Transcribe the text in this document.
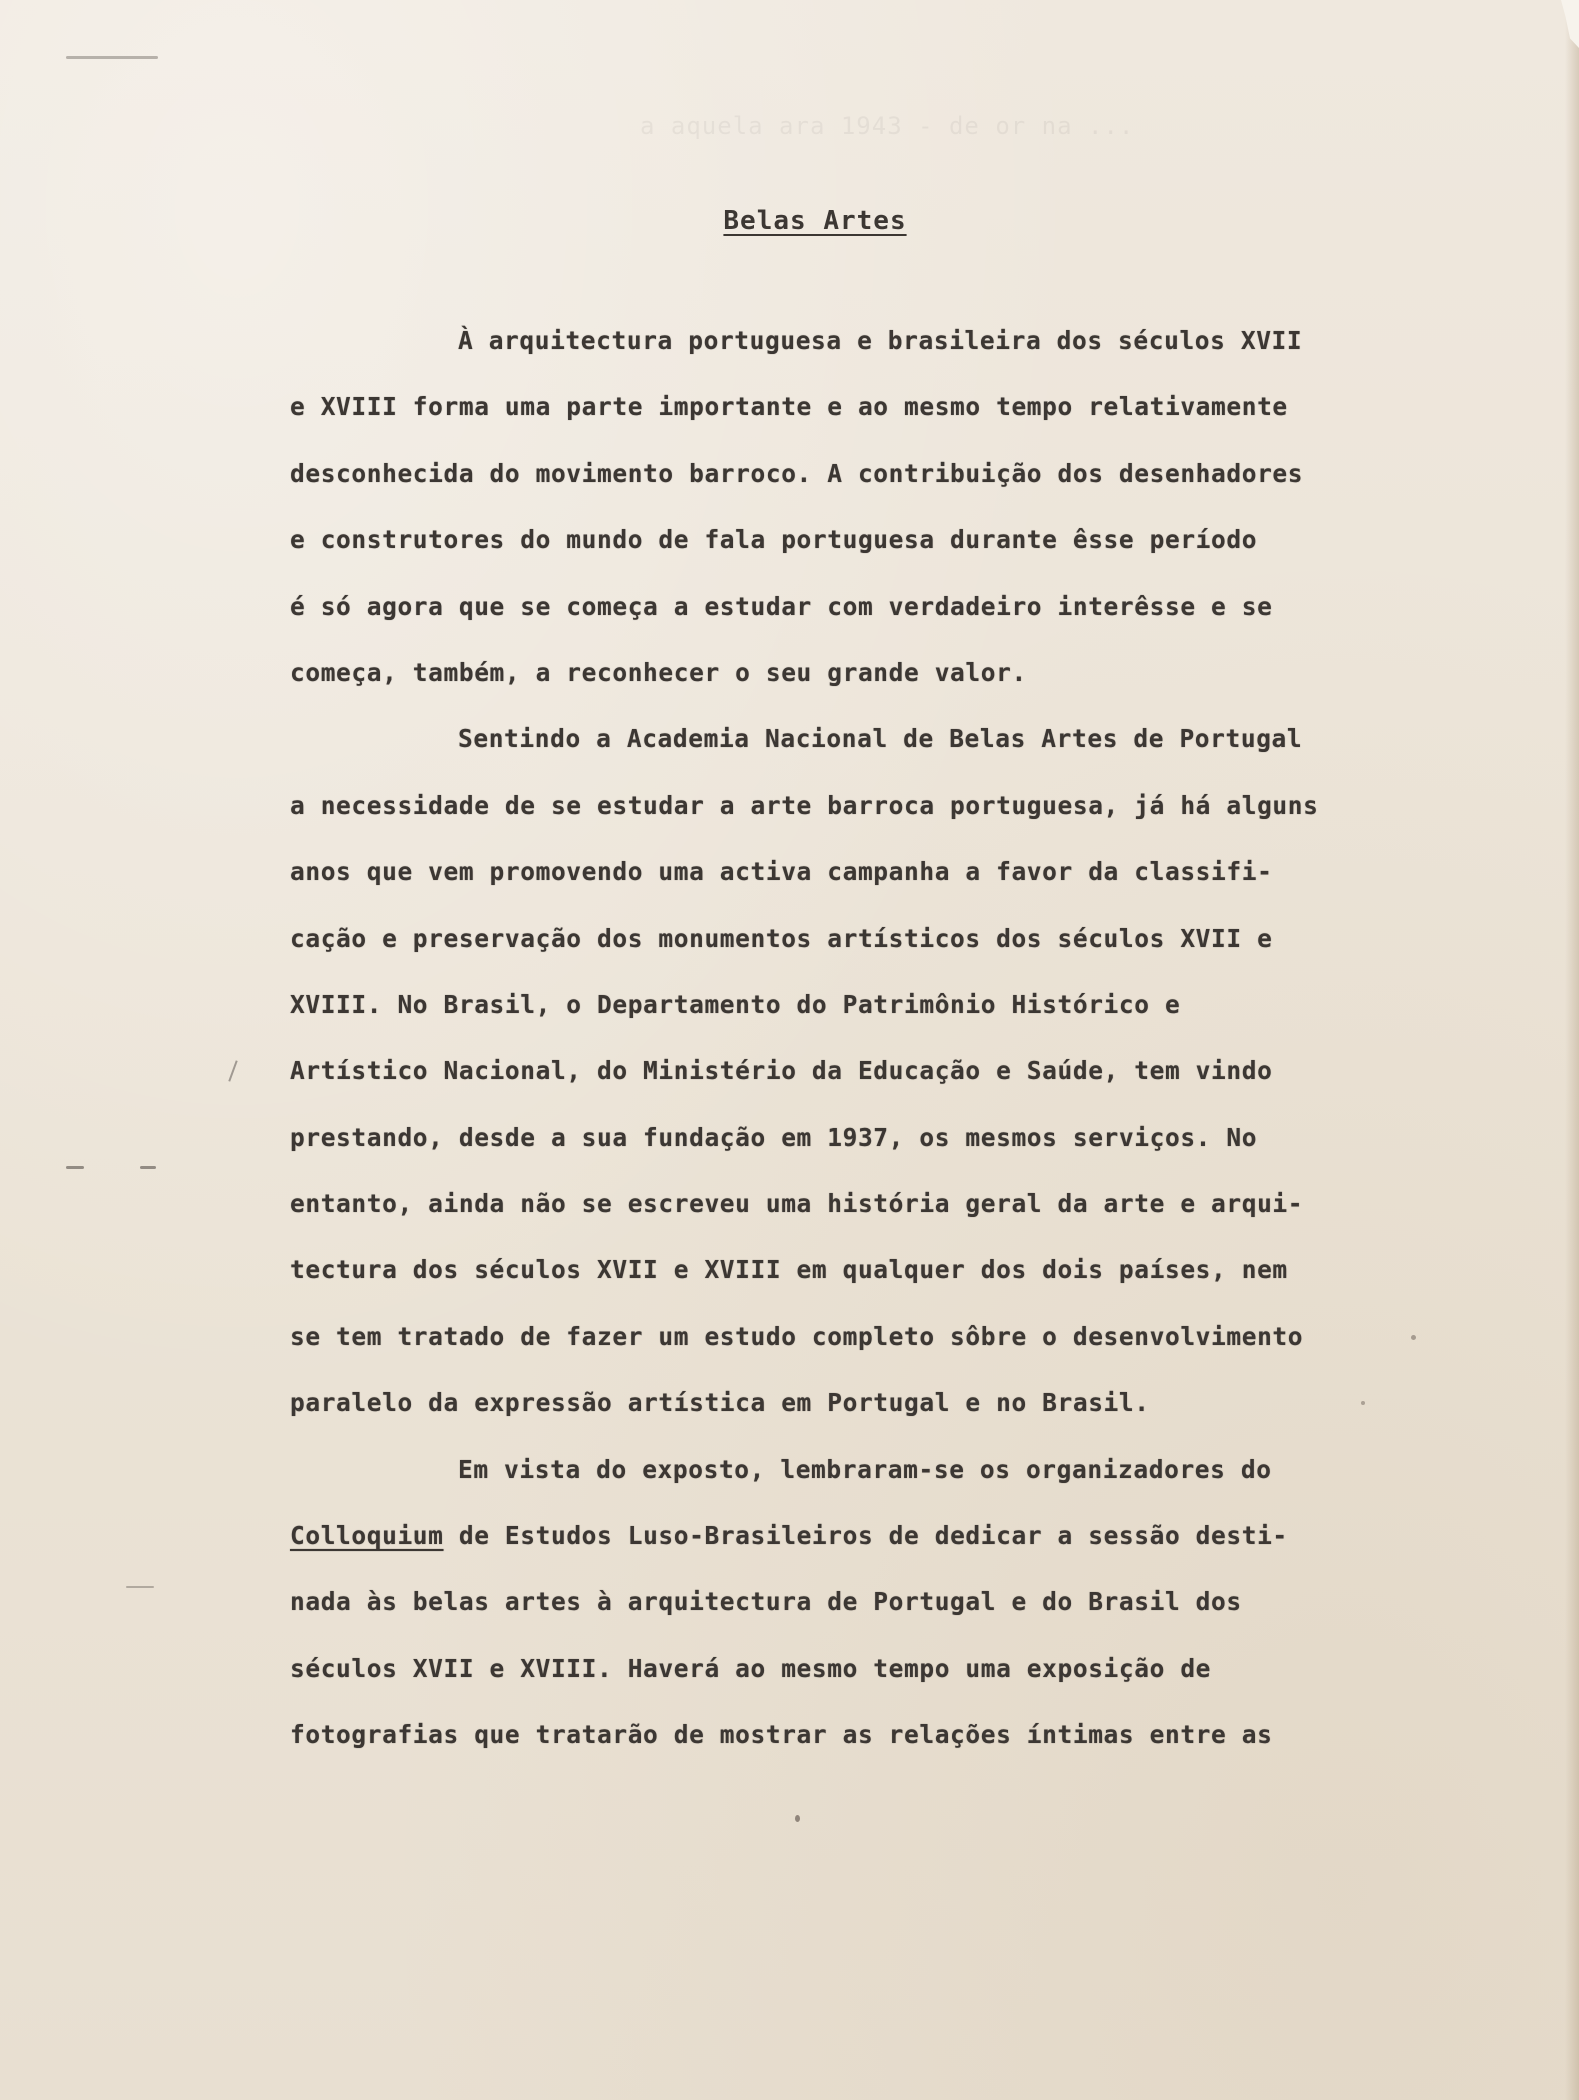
a aquela ara 1943 - de or na ...
Belas Artes
À arquitectura portuguesa e brasileira dos séculos XVII
e XVIII forma uma parte importante e ao mesmo tempo relativamente
desconhecida do movimento barroco. A contribuição dos desenhadores
e construtores do mundo de fala portuguesa durante êsse período
é só agora que se começa a estudar com verdadeiro interêsse e se
começa, também, a reconhecer o seu grande valor.
Sentindo a Academia Nacional de Belas Artes de Portugal
a necessidade de se estudar a arte barroca portuguesa, já há alguns
anos que vem promovendo uma activa campanha a favor da classifi-
cação e preservação dos monumentos artísticos dos séculos XVII e
XVIII. No Brasil, o Departamento do Patrimônio Histórico e
Artístico Nacional, do Ministério da Educação e Saúde, tem vindo
prestando, desde a sua fundação em 1937, os mesmos serviços. No
entanto, ainda não se escreveu uma história geral da arte e arqui-
tectura dos séculos XVII e XVIII em qualquer dos dois países, nem
se tem tratado de fazer um estudo completo sôbre o desenvolvimento
paralelo da expressão artística em Portugal e no Brasil.
Em vista do exposto, lembraram-se os organizadores do
Colloquium de Estudos Luso-Brasileiros de dedicar a sessão desti-
nada às belas artes à arquitectura de Portugal e do Brasil dos
séculos XVII e XVIII. Haverá ao mesmo tempo uma exposição de
fotografias que tratarão de mostrar as relações íntimas entre as
